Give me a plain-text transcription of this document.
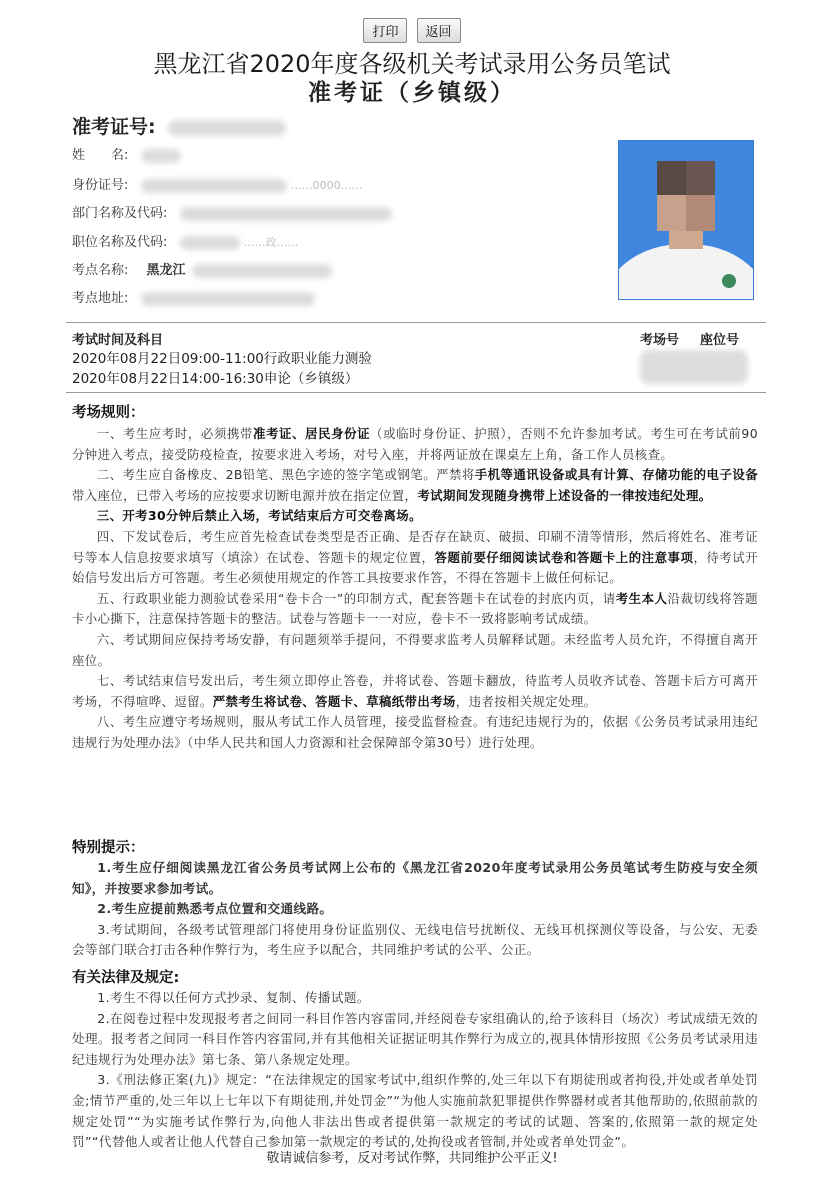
打印 返回
黑龙江省2020年度各级机关考试录用公务员笔试
准考证（乡镇级）
准考证号:
姓　　名:
身份证号:	……0000……
部门名称及代码:
职位名称及代码:	……政……
考点名称: 黑龙江
考点地址:
考试时间及科目	考场号 座位号
2020年08月22日09:00-11:00行政职业能力测验
2020年08月22日14:00-16:30申论（乡镇级）
考场规则：

一、考生应考时，必须携带准考证、居民身份证（或临时身份证、护照），否则不允许参加考试。考生可在考试前90分钟进入考点，接受防疫检查，按要求进入考场，对号入座，并将两证放在课桌左上角，备工作人员核查。

二、考生应自备橡皮、2B铅笔、黑色字迹的签字笔或钢笔。严禁将手机等通讯设备或具有计算、存储功能的电子设备带入座位，已带入考场的应按要求切断电源并放在指定位置，考试期间发现随身携带上述设备的一律按违纪处理。

三、开考30分钟后禁止入场，考试结束后方可交卷离场。

四、下发试卷后，考生应首先检查试卷类型是否正确、是否存在缺页、破损、印刷不清等情形，然后将姓名、准考证号等本人信息按要求填写（填涂）在试卷、答题卡的规定位置，答题前要仔细阅读试卷和答题卡上的注意事项，待考试开始信号发出后方可答题。考生必须使用规定的作答工具按要求作答，不得在答题卡上做任何标记。

五、行政职业能力测验试卷采用“卷卡合一”的印制方式，配套答题卡在试卷的封底内页，请考生本人沿裁切线将答题卡小心撕下，注意保持答题卡的整洁。试卷与答题卡一一对应，卷卡不一致将影响考试成绩。

六、考试期间应保持考场安静，有问题须举手提问，不得要求监考人员解释试题。未经监考人员允许，不得擅自离开座位。

七、考试结束信号发出后，考生须立即停止答卷，并将试卷、答题卡翻放，待监考人员收齐试卷、答题卡后方可离开考场，不得喧哗、逗留。严禁考生将试卷、答题卡、草稿纸带出考场，违者按相关规定处理。

八、考生应遵守考场规则，服从考试工作人员管理，接受监督检查。有违纪违规行为的，依据《公务员考试录用违纪违规行为处理办法》（中华人民共和国人力资源和社会保障部令第30号）进行处理。

特别提示：

1.考生应仔细阅读黑龙江省公务员考试网上公布的《黑龙江省2020年度考试录用公务员笔试考生防疫与安全须知》，并按要求参加考试。

2.考生应提前熟悉考点位置和交通线路。

3.考试期间，各级考试管理部门将使用身份证监别仪、无线电信号扰断仪、无线耳机探测仪等设备，与公安、无委会等部门联合打击各种作弊行为，考生应予以配合，共同维护考试的公平、公正。

有关法律及规定:

1.考生不得以任何方式抄录、复制、传播试题。

2.在阅卷过程中发现报考者之间同一科目作答内容雷同,并经阅卷专家组确认的,给予该科目（场次）考试成绩无效的处理。报考者之间同一科目作答内容雷同,并有其他相关证据证明其作弊行为成立的,视具体情形按照《公务员考试录用违纪违规行为处理办法》第七条、第八条规定处理。

3.《刑法修正案(九)》规定：“在法律规定的国家考试中,组织作弊的,处三年以下有期徒刑或者拘役,并处或者单处罚金;情节严重的,处三年以上七年以下有期徒刑,并处罚金”“为他人实施前款犯罪提供作弊器材或者其他帮助的,依照前款的规定处罚”“为实施考试作弊行为,向他人非法出售或者提供第一款规定的考试的试题、答案的,依照第一款的规定处罚”“代替他人或者让他人代替自己参加第一款规定的考试的,处拘役或者管制,并处或者单处罚金”。

敬请诚信参考，反对考试作弊，共同维护公平正义!
